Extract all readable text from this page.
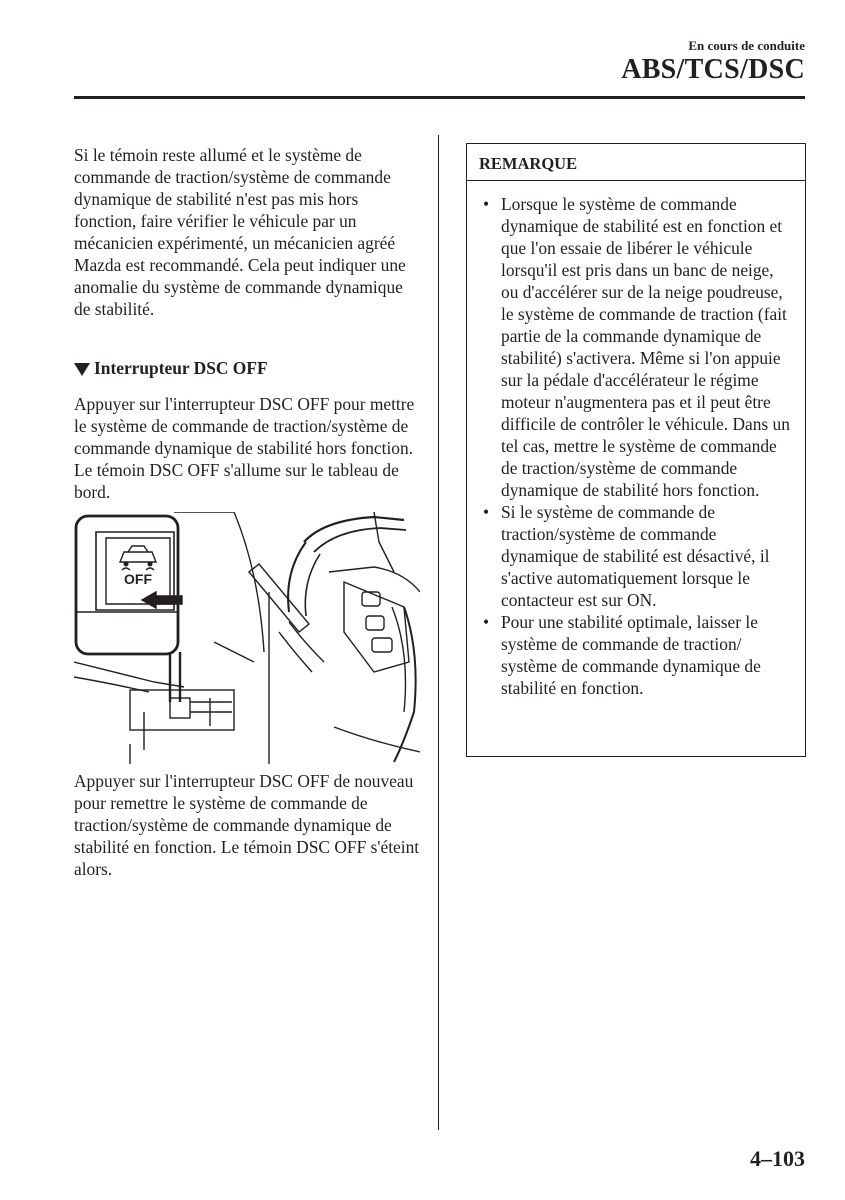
En cours de conduite
ABS/TCS/DSC

Si le témoin reste allumé et le système de commande de traction/système de commande dynamique de stabilité n'est pas mis hors fonction, faire vérifier le véhicule par un mécanicien expérimenté, un mécanicien agréé Mazda est recommandé. Cela peut indiquer une anomalie du système de commande dynamique de stabilité.

Interrupteur DSC OFF

Appuyer sur l'interrupteur DSC OFF pour mettre le système de commande de traction/système de commande dynamique de stabilité hors fonction. Le témoin DSC OFF s'allume sur le tableau de bord.

OFF

Appuyer sur l'interrupteur DSC OFF de nouveau pour remettre le système de commande de traction/système de commande dynamique de stabilité en fonction. Le témoin DSC OFF s'éteint alors.

REMARQUE
• Lorsque le système de commande dynamique de stabilité est en fonction et que l'on essaie de libérer le véhicule lorsqu'il est pris dans un banc de neige, ou d'accélérer sur de la neige poudreuse, le système de commande de traction (fait partie de la commande dynamique de stabilité) s'activera. Même si l'on appuie sur la pédale d'accélérateur le régime moteur n'augmentera pas et il peut être difficile de contrôler le véhicule. Dans un tel cas, mettre le système de commande de traction/système de commande dynamique de stabilité hors fonction.
• Si le système de commande de traction/système de commande dynamique de stabilité est désactivé, il s'active automatiquement lorsque le contacteur est sur ON.
• Pour une stabilité optimale, laisser le système de commande de traction/ système de commande dynamique de stabilité en fonction.
4–103
